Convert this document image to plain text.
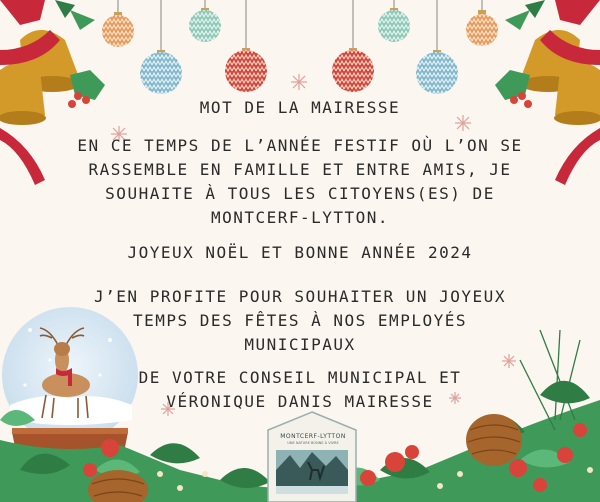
MOT DE LA MAIRESSE
EN CE TEMPS DE L’ANNÉE FESTIF OÙ L’ON SE
RASSEMBLE EN FAMILLE ET ENTRE AMIS, JE
SOUHAITE À TOUS LES CITOYENS(ES) DE
MONTCERF-LYTTON.
JOYEUX NOËL ET BONNE ANNÉE 2024
J’EN PROFITE POUR SOUHAITER UN JOYEUX
TEMPS DES FÊTES À NOS EMPLOYÉS
MUNICIPAUX
DE VOTRE CONSEIL MUNICIPAL ET
VÉRONIQUE DANIS MAIRESSE
MONTCERF-LYTTON
UNE NATURE BONNE À VIVRE
